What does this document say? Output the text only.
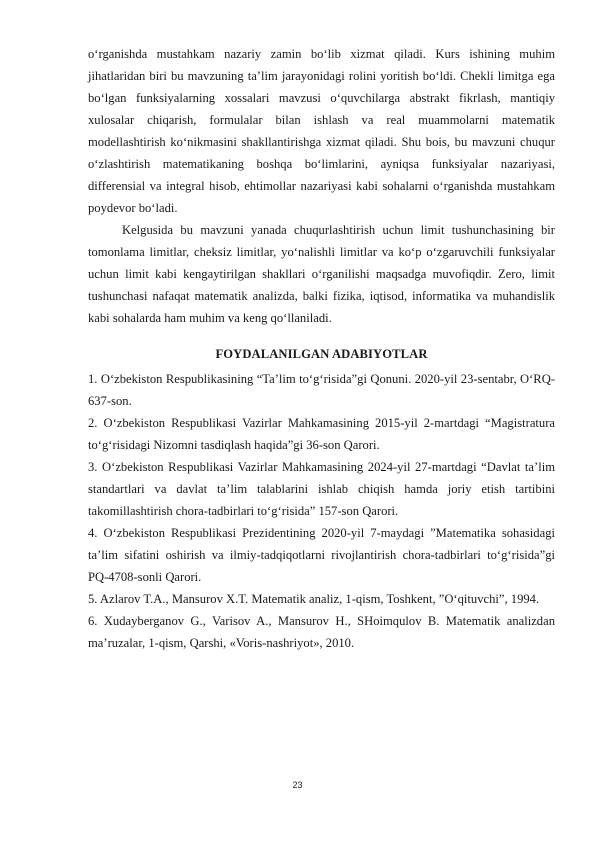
o‘rganishda mustahkam nazariy zamin bo‘lib xizmat qiladi. Kurs ishining muhim jihatlaridan biri bu mavzuning ta’lim jarayonidagi rolini yoritish bo‘ldi. Chekli limitga ega bo‘lgan funksiyalarning xossalari mavzusi o‘quvchilarga abstrakt fikrlash, mantiqiy xulosalar chiqarish, formulalar bilan ishlash va real muammolarni matematik modellashtirish ko‘nikmasini shakllantirishga xizmat qiladi. Shu bois, bu mavzuni chuqur o‘zlashtirish matematikaning boshqa bo‘limlarini, ayniqsa funksiyalar nazariyasi, differensial va integral hisob, ehtimollar nazariyasi kabi sohalarni o‘rganishda mustahkam poydevor bo‘ladi.

Kelgusida bu mavzuni yanada chuqurlashtirish uchun limit tushunchasining bir tomonlama limitlar, cheksiz limitlar, yo‘nalishli limitlar va ko‘p o‘zgaruvchili funksiyalar uchun limit kabi kengaytirilgan shakllari o‘rganilishi maqsadga muvofiqdir. Zero, limit tushunchasi nafaqat matematik analizda, balki fizika, iqtisod, informatika va muhandislik kabi sohalarda ham muhim va keng qo‘llaniladi.

FOYDALANILGAN ADABIYOTLAR

1. O‘zbekiston Respublikasining “Ta’lim to‘g‘risida”gi Qonuni. 2020-yil 23-sentabr, O‘RQ-637-son.

2. O‘zbekiston Respublikasi Vazirlar Mahkamasining 2015-yil 2-martdagi “Magistratura to‘g‘risidagi Nizomni tasdiqlash haqida”gi 36-son Qarori.

3. O‘zbekiston Respublikasi Vazirlar Mahkamasining 2024-yil 27-martdagi “Davlat ta’lim standartlari va davlat ta’lim talablarini ishlab chiqish hamda joriy etish tartibini takomillashtirish chora-tadbirlari to‘g‘risida” 157-son Qarori.

4. O‘zbekiston Respublikasi Prezidentining 2020-yil 7-maydagi ”Matematika sohasidagi ta’lim sifatini oshirish va ilmiy-tadqiqotlarni rivojlantirish chora-tadbirlari to‘g‘risida”gi PQ-4708-sonli Qarori.

5. Azlarov T.A., Mansurov X.T. Matematik analiz, 1-qism, Toshkent, ”O‘qituvchi”, 1994.

6. Xudayberganov G., Varisov A., Mansurov H., SHoimqulov B. Matematik analizdan ma’ruzalar, 1-qism, Qarshi, «Voris-nashriyot», 2010.

23
